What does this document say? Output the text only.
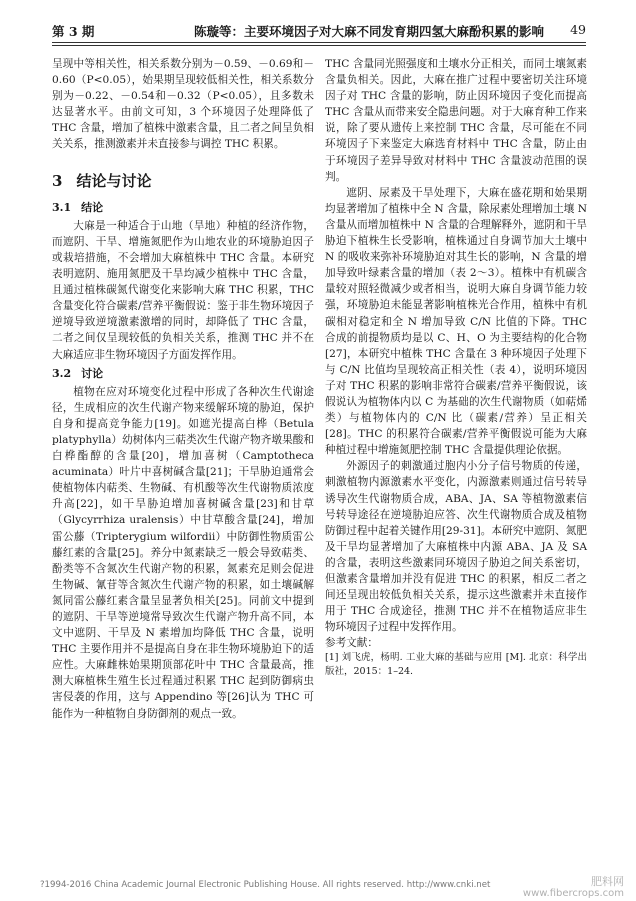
第 3 期	陈璇等：主要环境因子对大麻不同发育期四氢大麻酚积累的影响 49

呈现中等相关性，相关系数分别为－0.59、－0.69和－0.60（P<0.05），始果期呈现较低相关性，相关系数分别为－0.22、－0.54和－0.32（P<0.05），且多数未达显著水平。由前文可知，3 个环境因子处理降低了 THC 含量，增加了植株中激素含量，且二者之间呈负相关关系，推测激素并未直接参与调控 THC 积累。

3 结论与讨论
3.1 结论

大麻是一种适合于山地（旱地）种植的经济作物，而遮阴、干旱、增施氮肥作为山地农业的环境胁迫因子或栽培措施，不会增加大麻植株中 THC 含量。本研究表明遮阴、施用氮肥及干旱均减少植株中 THC 含量，且通过植株碳氮代谢变化来影响大麻 THC 积累，THC 含量变化符合碳素/营养平衡假说：鉴于非生物环境因子逆境导致逆境激素激增的同时，却降低了 THC 含量，二者之间仅呈现较低的负相关关系，推测 THC 并不在大麻适应非生物环境因子方面发挥作用。

3.2 讨论

植物在应对环境变化过程中形成了各种次生代谢途径，生成相应的次生代谢产物来缓解环境的胁迫，保护自身和提高竞争能力[19]。如遮光提高白桦（Betula platyphylla）幼树体内三萜类次生代谢产物齐墩果酸和白桦酯醇的含量[20]，增加喜树（Camptotheca acuminata）叶片中喜树碱含量[21]；干旱胁迫通常会使植物体内萜类、生物碱、有机酸等次生代谢物质浓度升高[22]，如干旱胁迫增加喜树碱含量[23]和甘草（Glycyrrhiza uralensis）中甘草酸含量[24]，增加雷公藤（Tripterygium wilfordii）中防御性物质雷公藤红素的含量[25]。养分中氮素缺乏一般会导致萜类、酚类等不含氮次生代谢产物的积累，氮素充足则会促进生物碱、氰苷等含氮次生代谢产物的积累，如土壤碱解氮同雷公藤红素含量呈显著负相关[25]。同前文中提到的遮阴、干旱等逆境常导致次生代谢产物升高不同，本文中遮阴、干旱及 N 素增加均降低 THC 含量，说明 THC 主要作用并不是提高自身在非生物环境胁迫下的适应性。大麻雌株始果期顶部花叶中 THC 含量最高，推测大麻植株生殖生长过程通过积累 THC 起到防御病虫害侵袭的作用，这与 Appendino 等[26]认为 THC 可能作为一种植物自身防御剂的观点一致。

THC 含量同光照强度和土壤水分正相关，而同土壤氮素含量负相关。因此，大麻在推广过程中要密切关注环境因子对 THC 含量的影响，防止因环境因子变化而提高 THC 含量从而带来安全隐患问题。对于大麻育种工作来说，除了要从遗传上来控制 THC 含量，尽可能在不同环境因子下来鉴定大麻选育材料中 THC 含量，防止由于环境因子差异导致对材料中 THC 含量波动范围的误判。

遮阴、尿素及干旱处理下，大麻在盛花期和始果期均显著增加了植株中全 N 含量，除尿素处理增加土壤 N 含量从而增加植株中 N 含量的合理解释外，遮阴和干旱胁迫下植株生长受影响，植株通过自身调节加大土壤中 N 的吸收来弥补环境胁迫对其生长的影响，N 含量的增加导致叶绿素含量的增加（表 2～3）。植株中有机碳含量较对照轻微减少或者相当，说明大麻自身调节能力较强，环境胁迫未能显著影响植株光合作用，植株中有机碳相对稳定和全 N 增加导致 C/N 比值的下降。THC 合成的前提物质均是以 C、H、O 为主要结构的化合物[27]，本研究中植株 THC 含量在 3 种环境因子处理下与 C/N 比值均呈现较高正相关性（表 4），说明环境因子对 THC 积累的影响非常符合碳素/营养平衡假说，该假说认为植物体内以 C 为基础的次生代谢物质（如萜烯类）与植物体内的 C/N 比（碳素/营养）呈正相关[28]。THC 的积累符合碳素/营养平衡假说可能为大麻种植过程中增施氮肥控制 THC 含量提供理论依据。

外源因子的刺激通过胞内小分子信号物质的传递，刺激植物内源激素水平变化，内源激素则通过信号转导诱导次生代谢物质合成，ABA、JA、SA 等植物激素信号转导途径在逆境胁迫应答、次生代谢物质合成及植物防御过程中起着关键作用[29-31]。本研究中遮阴、氮肥及干旱均显著增加了大麻植株中内源 ABA、JA 及 SA 的含量，表明这些激素同环境因子胁迫之间关系密切，但激素含量增加并没有促进 THC 的积累，相反二者之间还呈现出较低负相关关系，提示这些激素并未直接作用于 THC 合成途径，推测 THC 并不在植物适应非生物环境因子过程中发挥作用。

参考文献：

[1] 刘飞虎，杨明. 工业大麻的基础与应用 [M]. 北京：科学出版社，2015：1–24.

?1994-2016 China Academic Journal Electronic Publishing House. All rights reserved. http://www.cnki.net	肥料网
www.fibercrops.com
